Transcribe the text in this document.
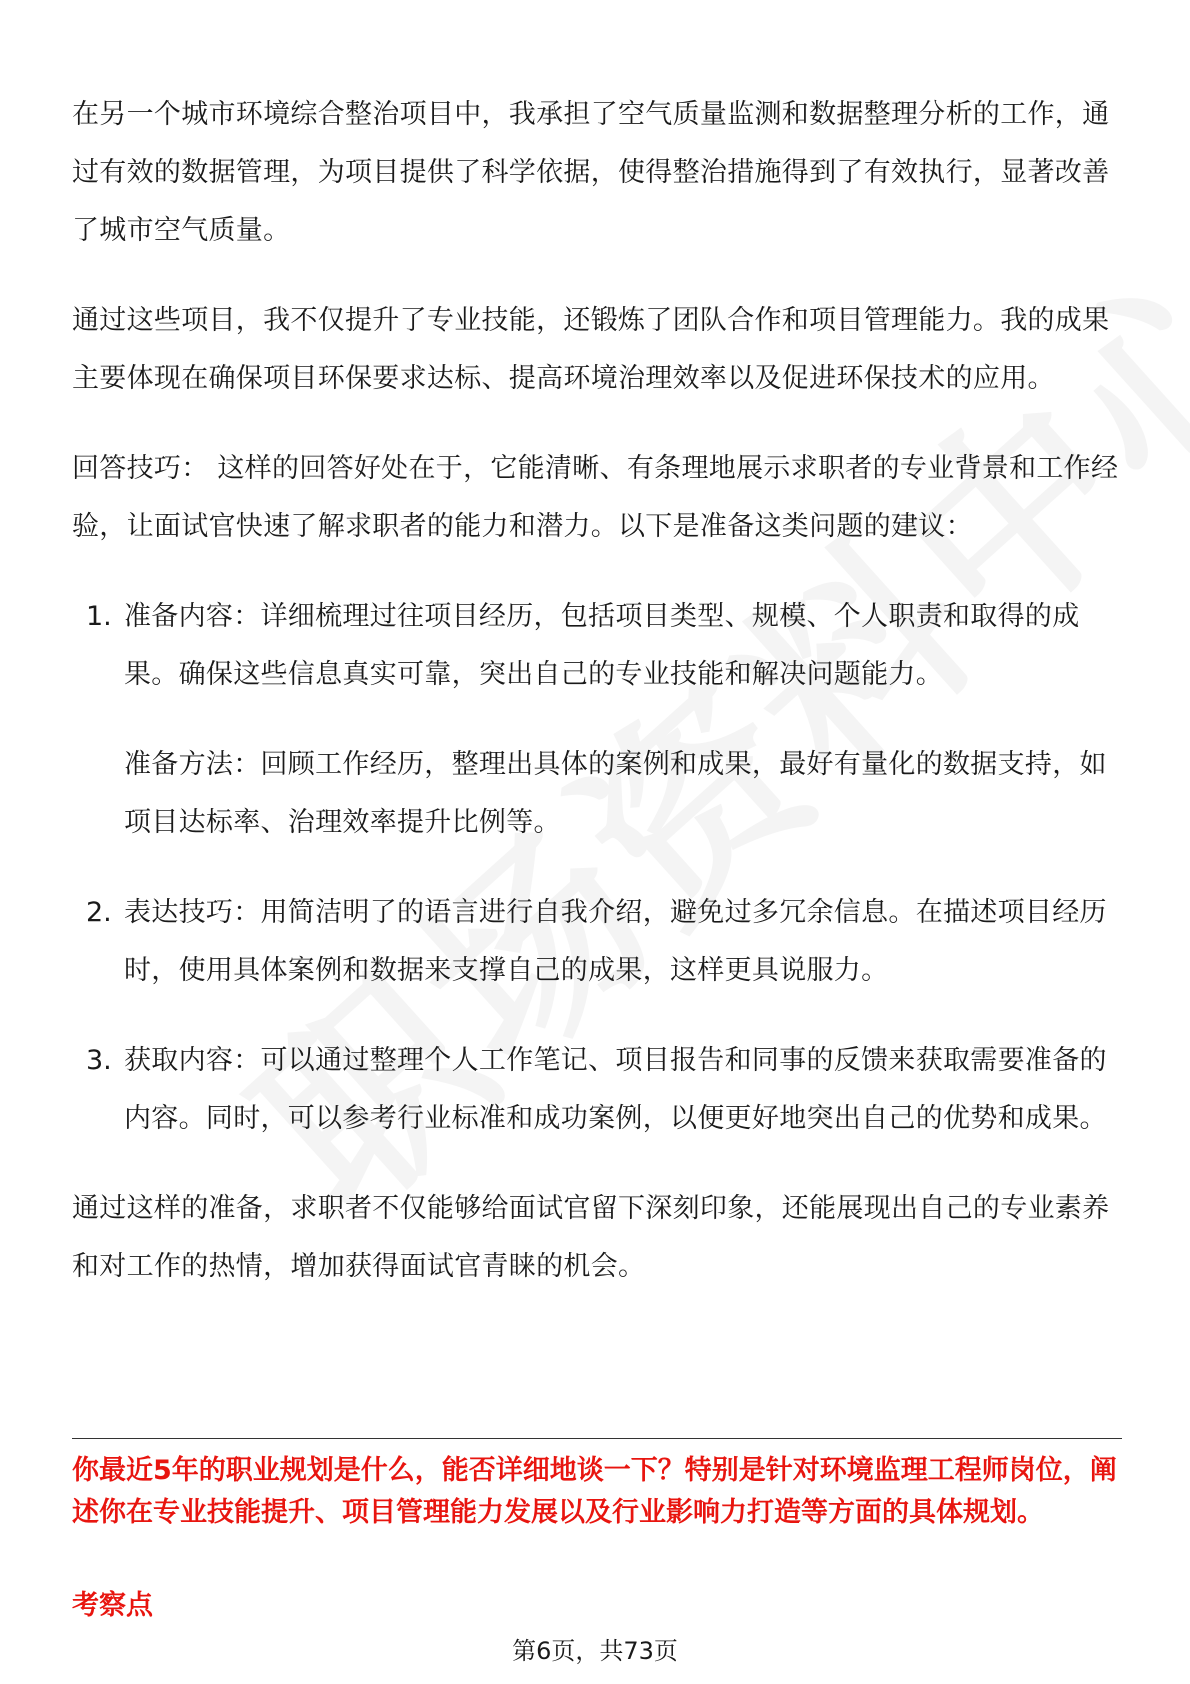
在另一个城市环境综合整治项目中，我承担了空气质量监测和数据整理分析的工作，通过有效的数据管理，为项目提供了科学依据，使得整治措施得到了有效执行，显著改善了城市空气质量。

通过这些项目，我不仅提升了专业技能，还锻炼了团队合作和项目管理能力。我的成果主要体现在确保项目环保要求达标、提高环境治理效率以及促进环保技术的应用。

回答技巧： 这样的回答好处在于，它能清晰、有条理地展示求职者的专业背景和工作经验，让面试官快速了解求职者的能力和潜力。以下是准备这类问题的建议：

1. 准备内容：详细梳理过往项目经历，包括项目类型、规模、个人职责和取得的成果。确保这些信息真实可靠，突出自己的专业技能和解决问题能力。

准备方法：回顾工作经历，整理出具体的案例和成果，最好有量化的数据支持，如项目达标率、治理效率提升比例等。

2. 表达技巧：用简洁明了的语言进行自我介绍，避免过多冗余信息。在描述项目经历时，使用具体案例和数据来支撑自己的成果，这样更具说服力。

3. 获取内容：可以通过整理个人工作笔记、项目报告和同事的反馈来获取需要准备的内容。同时，可以参考行业标准和成功案例，以便更好地突出自己的优势和成果。

通过这样的准备，求职者不仅能够给面试官留下深刻印象，还能展现出自己的专业素养和对工作的热情，增加获得面试官青睐的机会。

你最近5年的职业规划是什么，能否详细地谈一下？特别是针对环境监理工程师岗位，阐述你在专业技能提升、项目管理能力发展以及行业影响力打造等方面的具体规划。

考察点

第6页，共73页
